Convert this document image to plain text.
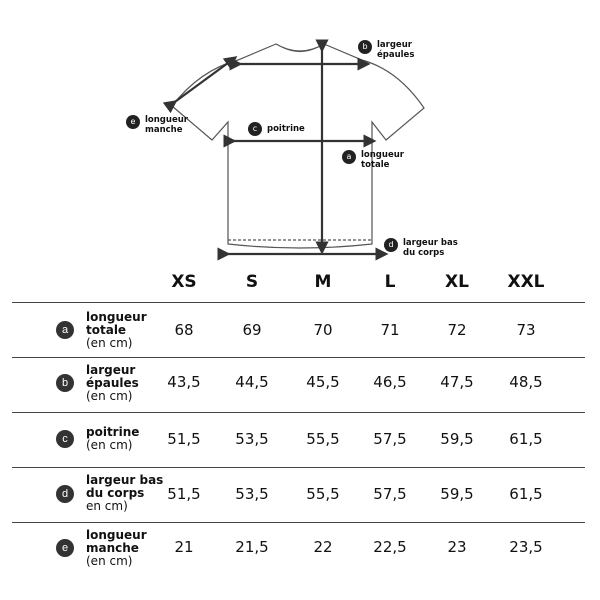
b	largeur
épaules
e	longueur
manche	c	poitrine
a	longueur
totale
d	largeur bas
du corps
XS	S	M	L	XL	XXL
a
longueur
totale
(en cm)
68	69	70	71	72	73
b
largeur
épaules
(en cm)
43,5	44,5	45,5	46,5	47,5	48,5
c	poitrine
(en cm)	51,5	53,5	55,5	57,5	59,5	61,5
d
largeur bas
du corps
en cm)
51,5	53,5	55,5	57,5	59,5	61,5
e
longueur
manche
(en cm)
21	21,5	22	22,5	23	23,5
